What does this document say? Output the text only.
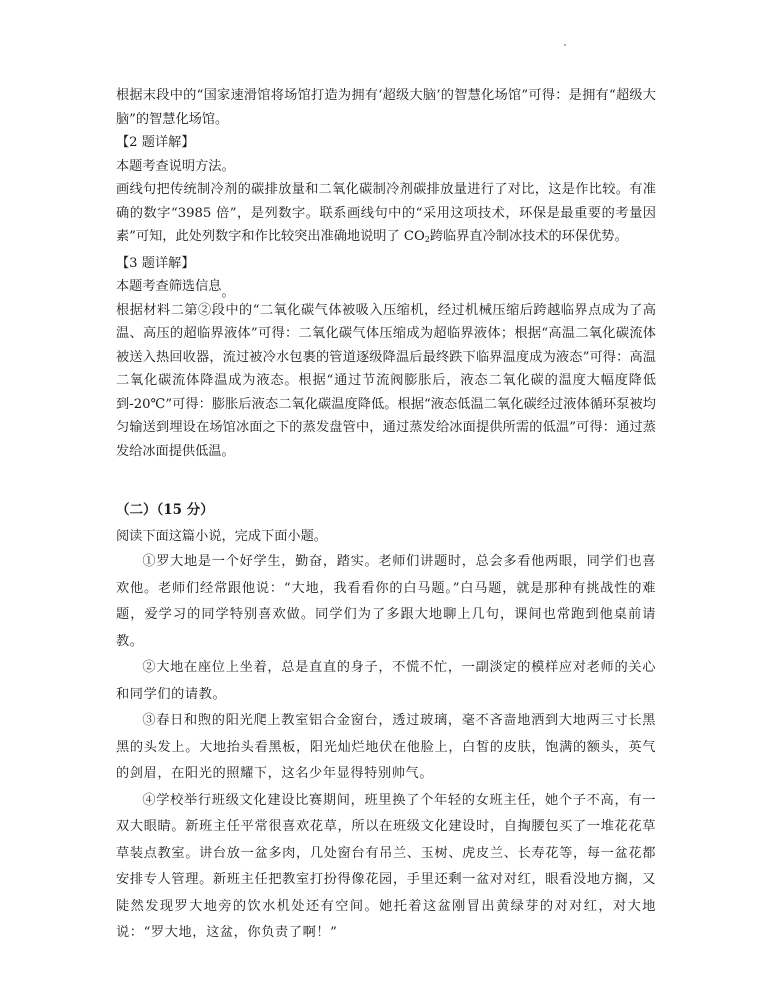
根据末段中的“国家速滑馆将场馆打造为拥有‘超级大脑’的智慧化场馆”可得：是拥有“超级大脑”的智慧化场馆。

【2 题详解】

本题考查说明方法。

画线句把传统制冷剂的碳排放量和二氧化碳制冷剂碳排放量进行了对比，这是作比较。有准确的数字“3985 倍”，是列数字。联系画线句中的“采用这项技术，环保是最重要的考量因素”可知，此处列数字和作比较突出准确地说明了 $CO_2$跨临界直冷制冰技术的环保优势。

【3 题详解】

本题考查筛选信息。

根据材料二第②段中的“二氧化碳气体被吸入压缩机，经过机械压缩后跨越临界点成为了高温、高压的超临界液体”可得：二氧化碳气体压缩成为超临界液体；根据“高温二氧化碳流体被送入热回收器，流过被冷水包裹的管道逐级降温后最终跌下临界温度成为液态”可得：高温二氧化碳流体降温成为液态。根据“通过节流阀膨胀后，液态二氧化碳的温度大幅度降低到-20℃”可得：膨胀后液态二氧化碳温度降低。根据“液态低温二氧化碳经过液体循环泵被均匀输送到埋设在场馆冰面之下的蒸发盘管中，通过蒸发给冰面提供所需的低温”可得：通过蒸发给冰面提供低温。

（二）（15 分）
阅读下面这篇小说，完成下面小题。

①罗大地是一个好学生，勤奋，踏实。老师们讲题时，总会多看他两眼，同学们也喜欢他。老师们经常跟他说：“大地，我看看你的白马题。”白马题，就是那种有挑战性的难题，爱学习的同学特别喜欢做。同学们为了多跟大地聊上几句，课间也常跑到他桌前请教。

②大地在座位上坐着，总是直直的身子，不慌不忙，一副淡定的模样应对老师的关心和同学们的请教。

③春日和煦的阳光爬上教室铝合金窗台，透过玻璃，毫不吝啬地洒到大地两三寸长黑黑的头发上。大地抬头看黑板，阳光灿烂地伏在他脸上，白皙的皮肤，饱满的额头，英气的剑眉，在阳光的照耀下，这名少年显得特别帅气。

④学校举行班级文化建设比赛期间，班里换了个年轻的女班主任，她个子不高，有一双大眼睛。新班主任平常很喜欢花草，所以在班级文化建设时，自掏腰包买了一堆花花草草装点教室。讲台放一盆多肉，几处窗台有吊兰、玉树、虎皮兰、长寿花等，每一盆花都安排专人管理。新班主任把教室打扮得像花园，手里还剩一盆对对红，眼看没地方搁，又陡然发现罗大地旁的饮水机处还有空间。她托着这盆刚冒出黄绿芽的对对红，对大地说：“罗大地，这盆，你负责了啊！”
